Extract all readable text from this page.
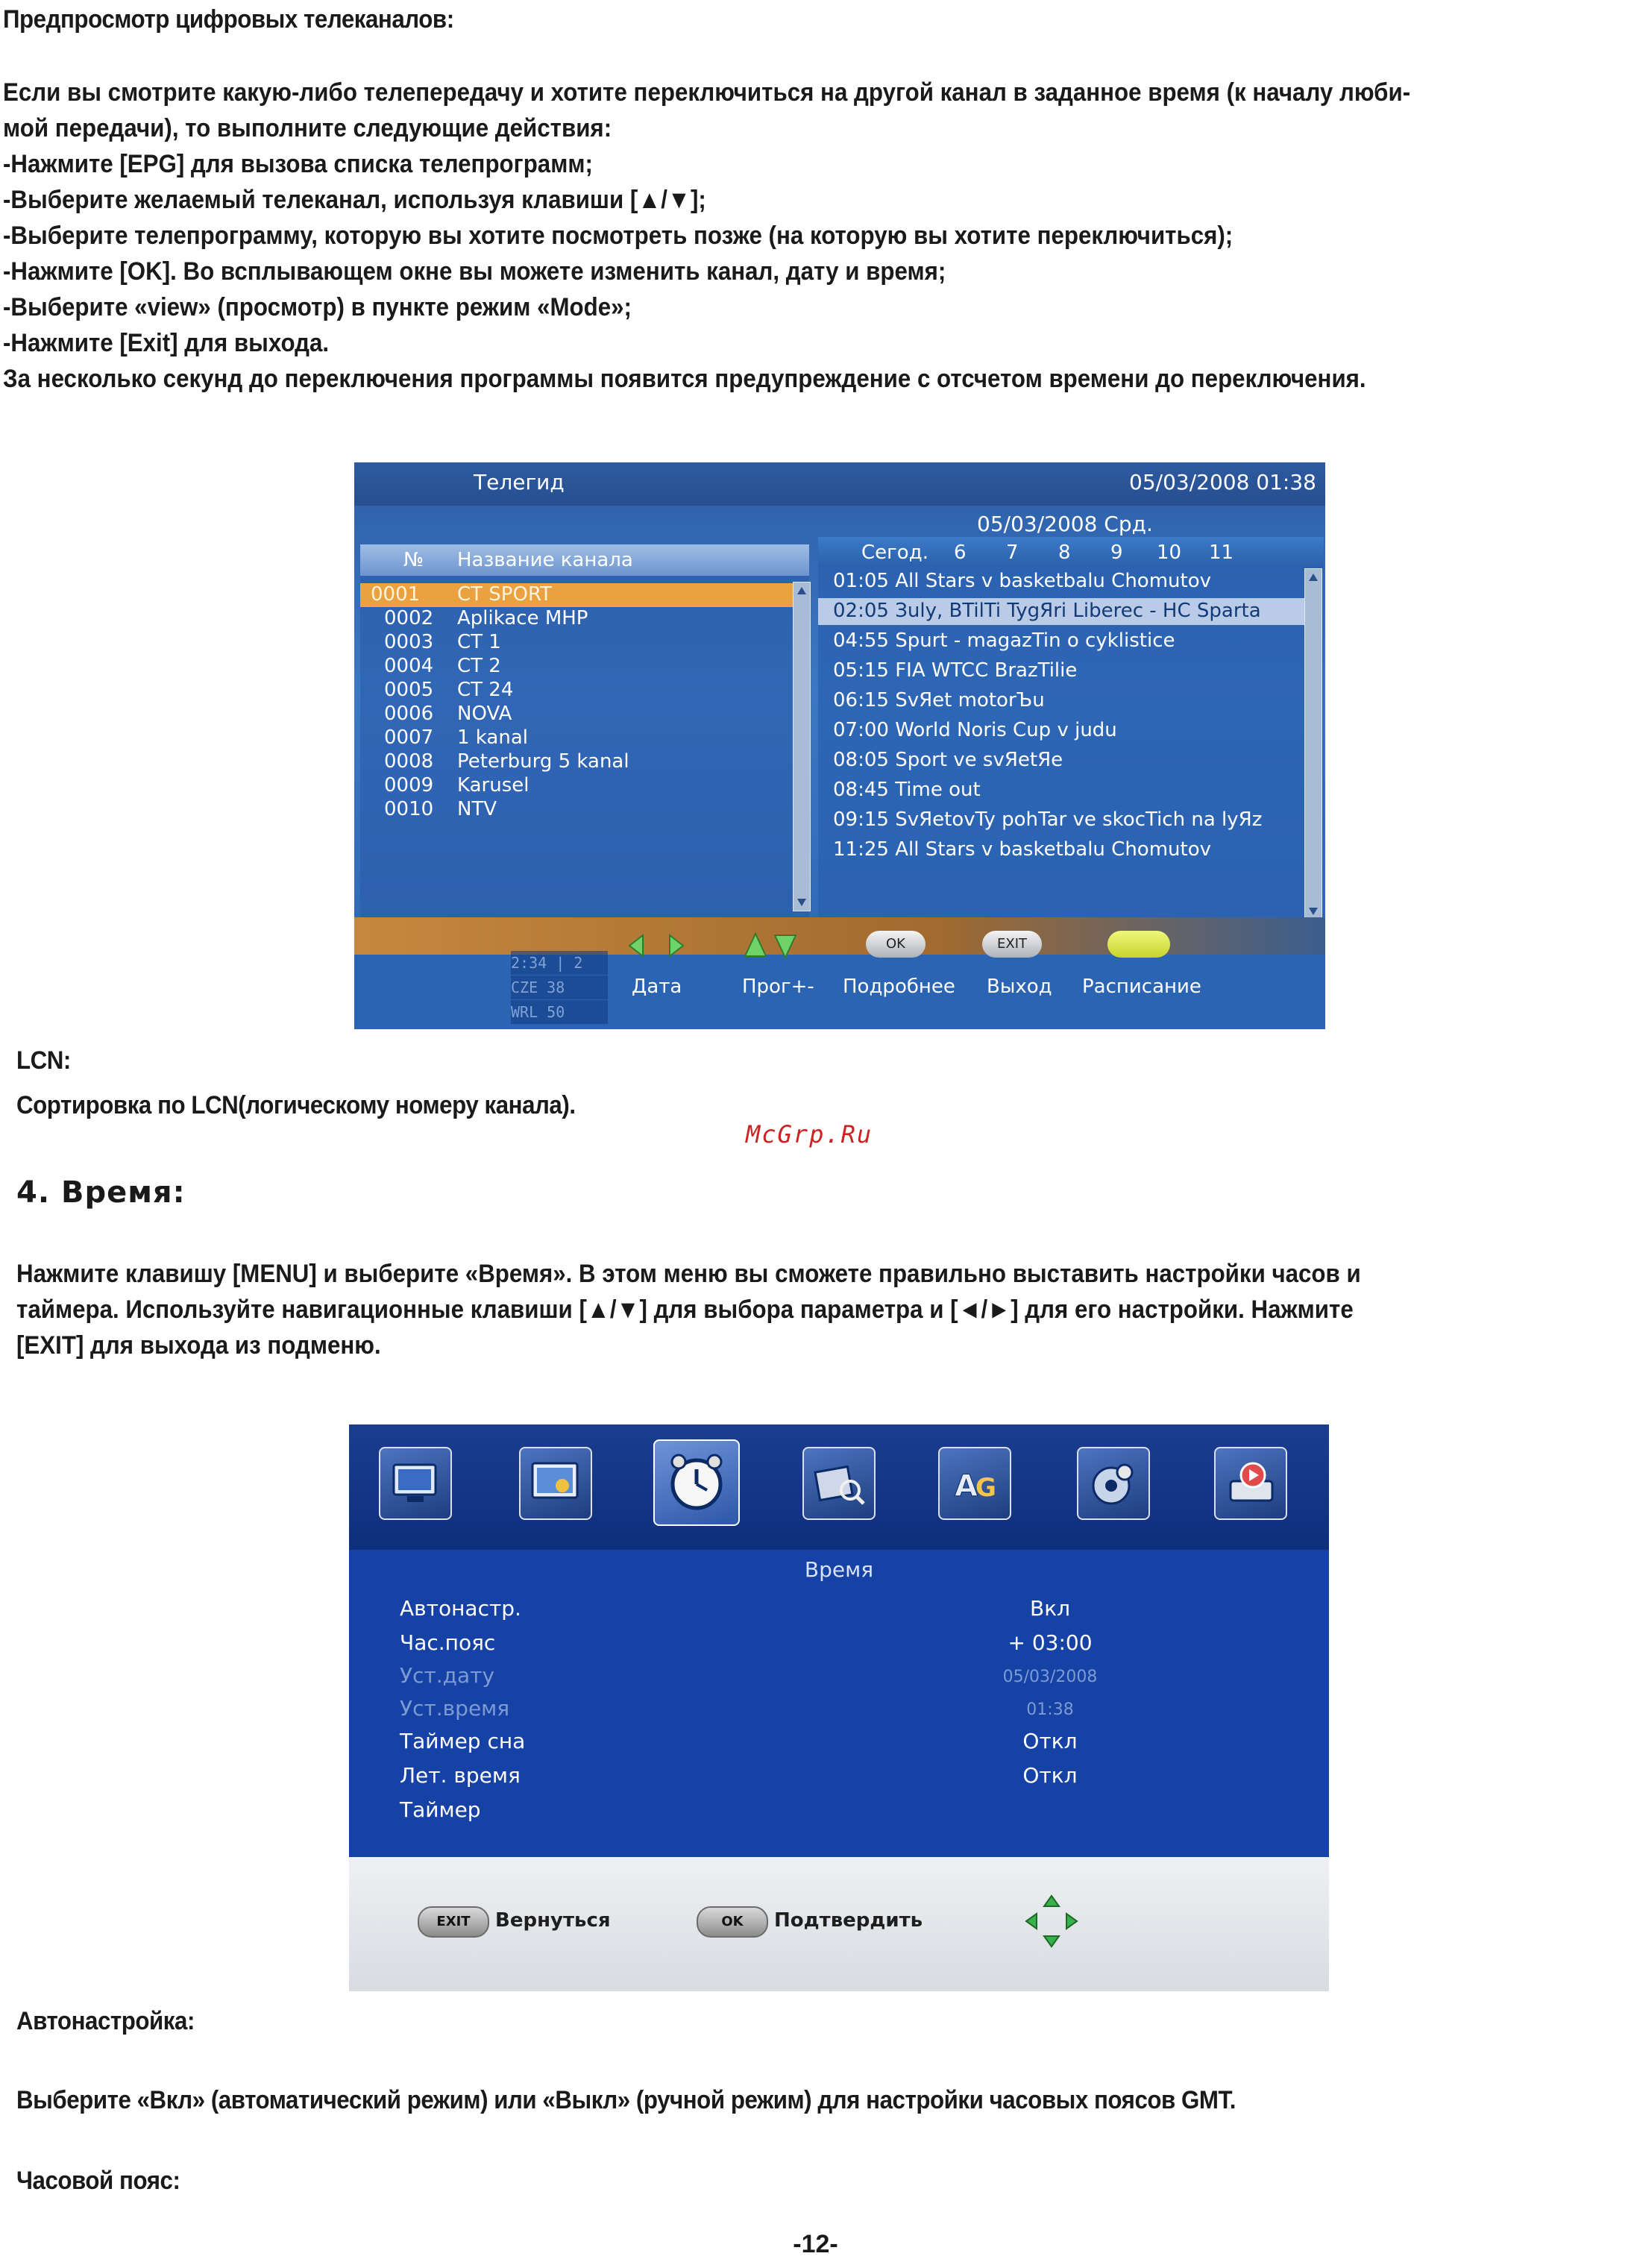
Предпросмотр цифровых телеканалов:
Если вы смотрите какую-либо телепередачу и хотите переключиться на другой канал в заданное время (к началу люби-
мой передачи), то выполните следующие действия:
-Нажмите [EPG] для вызова списка телепрограмм;
-Выберите желаемый телеканал, используя клавиши [▲/▼];
-Выберите телепрограмму, которую вы хотите посмотреть позже (на которую вы хотите переключиться);
-Нажмите [OK]. Во всплывающем окне вы можете изменить канал, дату и время;
-Выберите «view» (просмотр) в пункте режим «Mode»;
-Нажмите [Exit] для выхода.
За несколько секунд до переключения программы появится предупреждение с отсчетом времени до переключения.
Телегид	05/03/2008 01:38
05/03/2008 Срд.
№ Название канала
0001 CT SPORT
0002 Aplikace MHP
0003 CT 1
0004 CT 2
0005 CT 24
0006 NOVA
0007 1 kanal
0008 Peterburg 5 kanal
0009 Karusel
0010 NTV
Сегод. 6 7 8 9 10 11
01:05 All Stars v basketbalu Chomutov
02:05 Зuly, BTilTi TygЯri Liberec - HC Sparta
04:55 Spurt - magazTin o cyklistice
05:15 FIA WTCC BrazTilie
06:15 SvЯet motorЪu
07:00 World Noris Cup v judu
08:05 Sport ve svЯetЯe
08:45 Time out
09:15 SvЯetovTy pohTar ve skocTich na lyЯz
11:25 All Stars v basketbalu Chomutov
2:34 | 2
CZE 38
WRL 50
OK	EXIT
Дата	Прог+- Подробнее Выход Расписание
LCN:
Сортировка по LCN(логическому номеру канала).
McGrp.Ru
4. Время:
Нажмите клавишу [MENU] и выберите «Время». В этом меню вы сможете правильно выставить настройки часов и
таймера. Используйте навигационные клавиши [▲/▼] для выбора параметра и [◄/►] для его настройки. Нажмите
[EXIT] для выхода из подменю.
A
G
Время
Автонастр.	Вкл
Час.пояс	+ 03:00
Уст.дату	05/03/2008
Уст.время	01:38
Таймер сна	Откл
Лет. время	Откл
Таймер
EXIT	Вернуться	OK	Подтвердить
Автонастройка:
Выберите «Вкл» (автоматический режим) или «Выкл» (ручной режим) для настройки часовых поясов GMT.
Часовой пояс:
-12-
